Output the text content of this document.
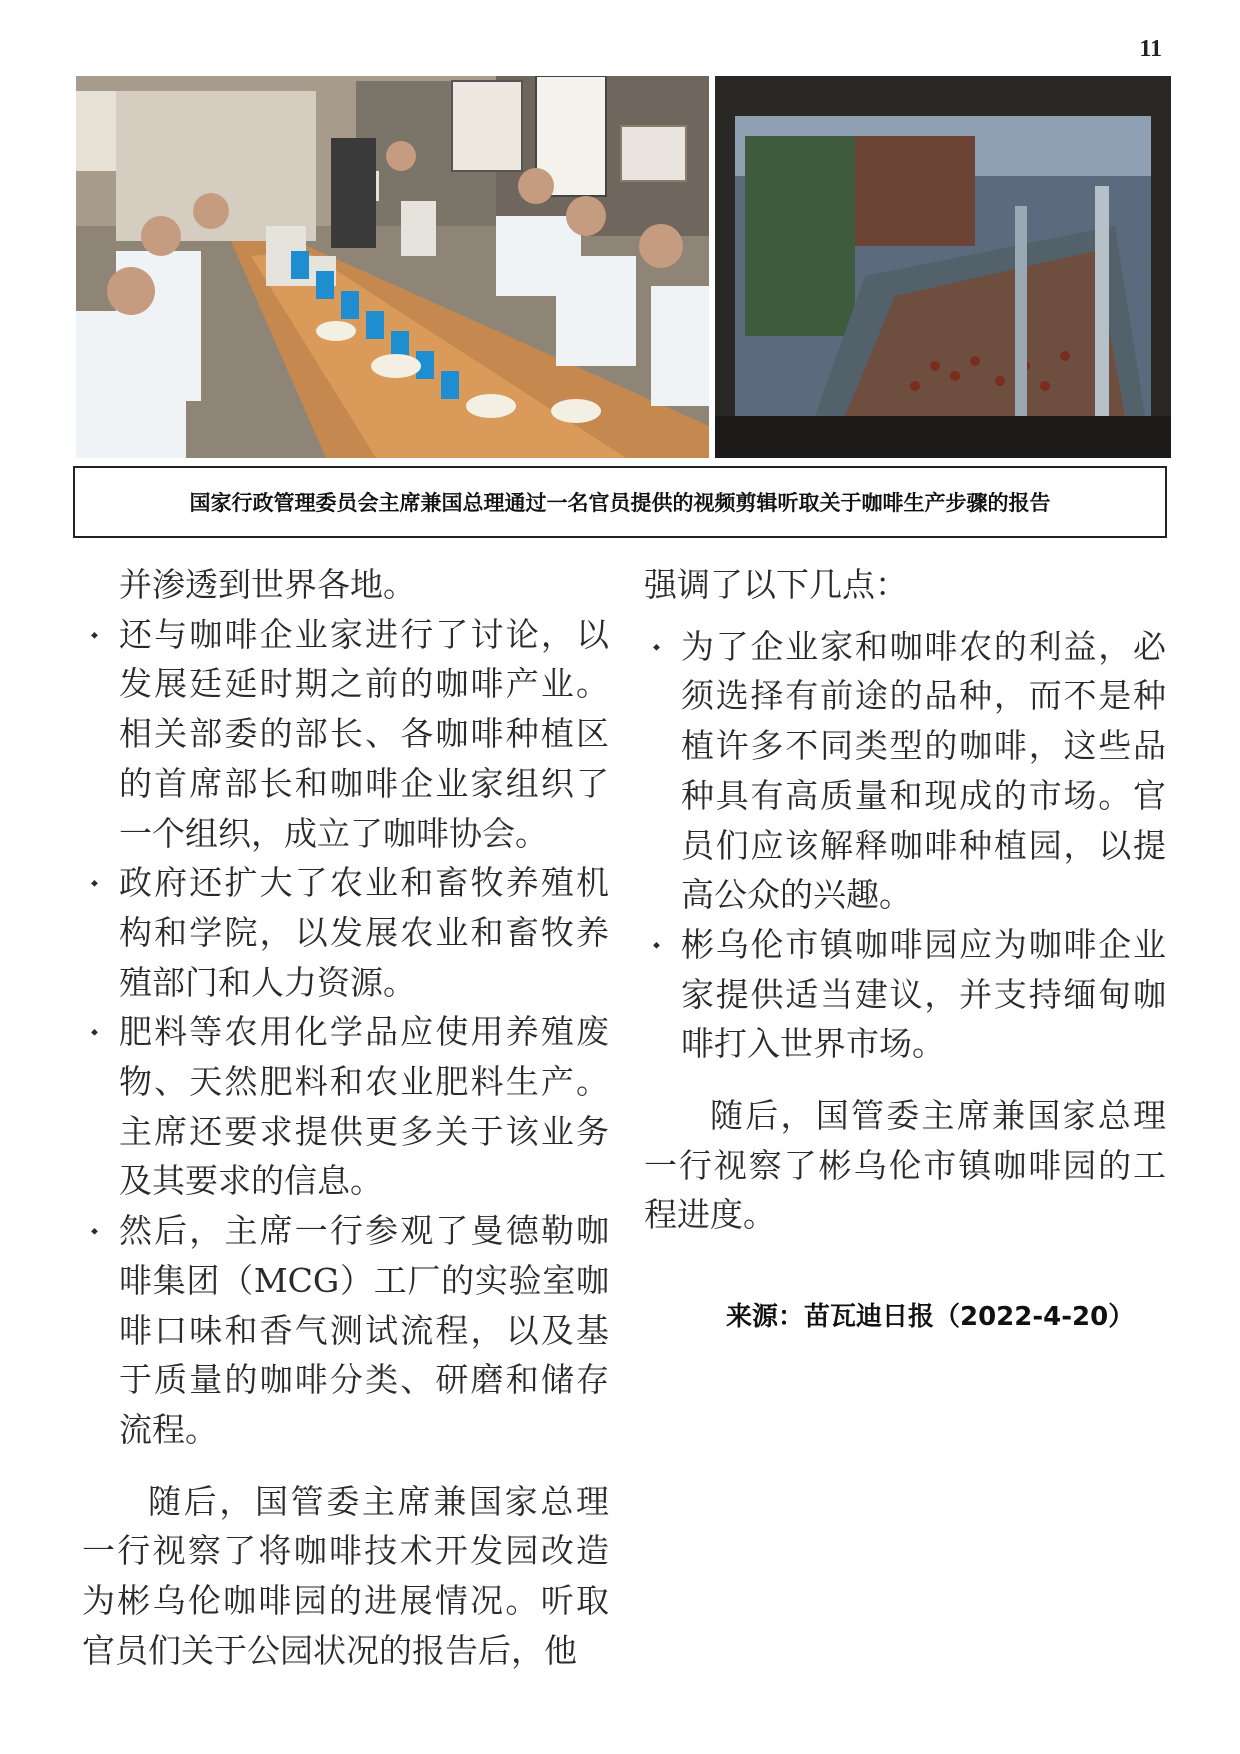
11
国家行政管理委员会主席兼国总理通过一名官员提供的视频剪辑听取关于咖啡生产步骤的报告

并渗透到世界各地。

⬩ 还与咖啡企业家进行了讨论，以发展廷延时期之前的咖啡产业。相关部委的部长、各咖啡种植区的首席部长和咖啡企业家组织了一个组织，成立了咖啡协会。
⬩ 政府还扩大了农业和畜牧养殖机构和学院，以发展农业和畜牧养殖部门和人力资源。
⬩ 肥料等农用化学品应使用养殖废物、天然肥料和农业肥料生产。主席还要求提供更多关于该业务及其要求的信息。
⬩ 然后，主席一行参观了曼德勒咖啡集团（MCG）工厂的实验室咖啡口味和香气测试流程，以及基于质量的咖啡分类、研磨和储存流程。

随后，国管委主席兼国家总理一行视察了将咖啡技术开发园改造为彬乌伦咖啡园的进展情况。听取官员们关于公园状况的报告后，他

强调了以下几点：

⬩ 为了企业家和咖啡农的利益，必须选择有前途的品种，而不是种植许多不同类型的咖啡，这些品种具有高质量和现成的市场。官员们应该解释咖啡种植园，以提高公众的兴趣。
⬩ 彬乌伦市镇咖啡园应为咖啡企业家提供适当建议，并支持缅甸咖啡打入世界市场。

随后，国管委主席兼国家总理一行视察了彬乌伦市镇咖啡园的工程进度。

来源：苗瓦迪日报（2022-4-20）
